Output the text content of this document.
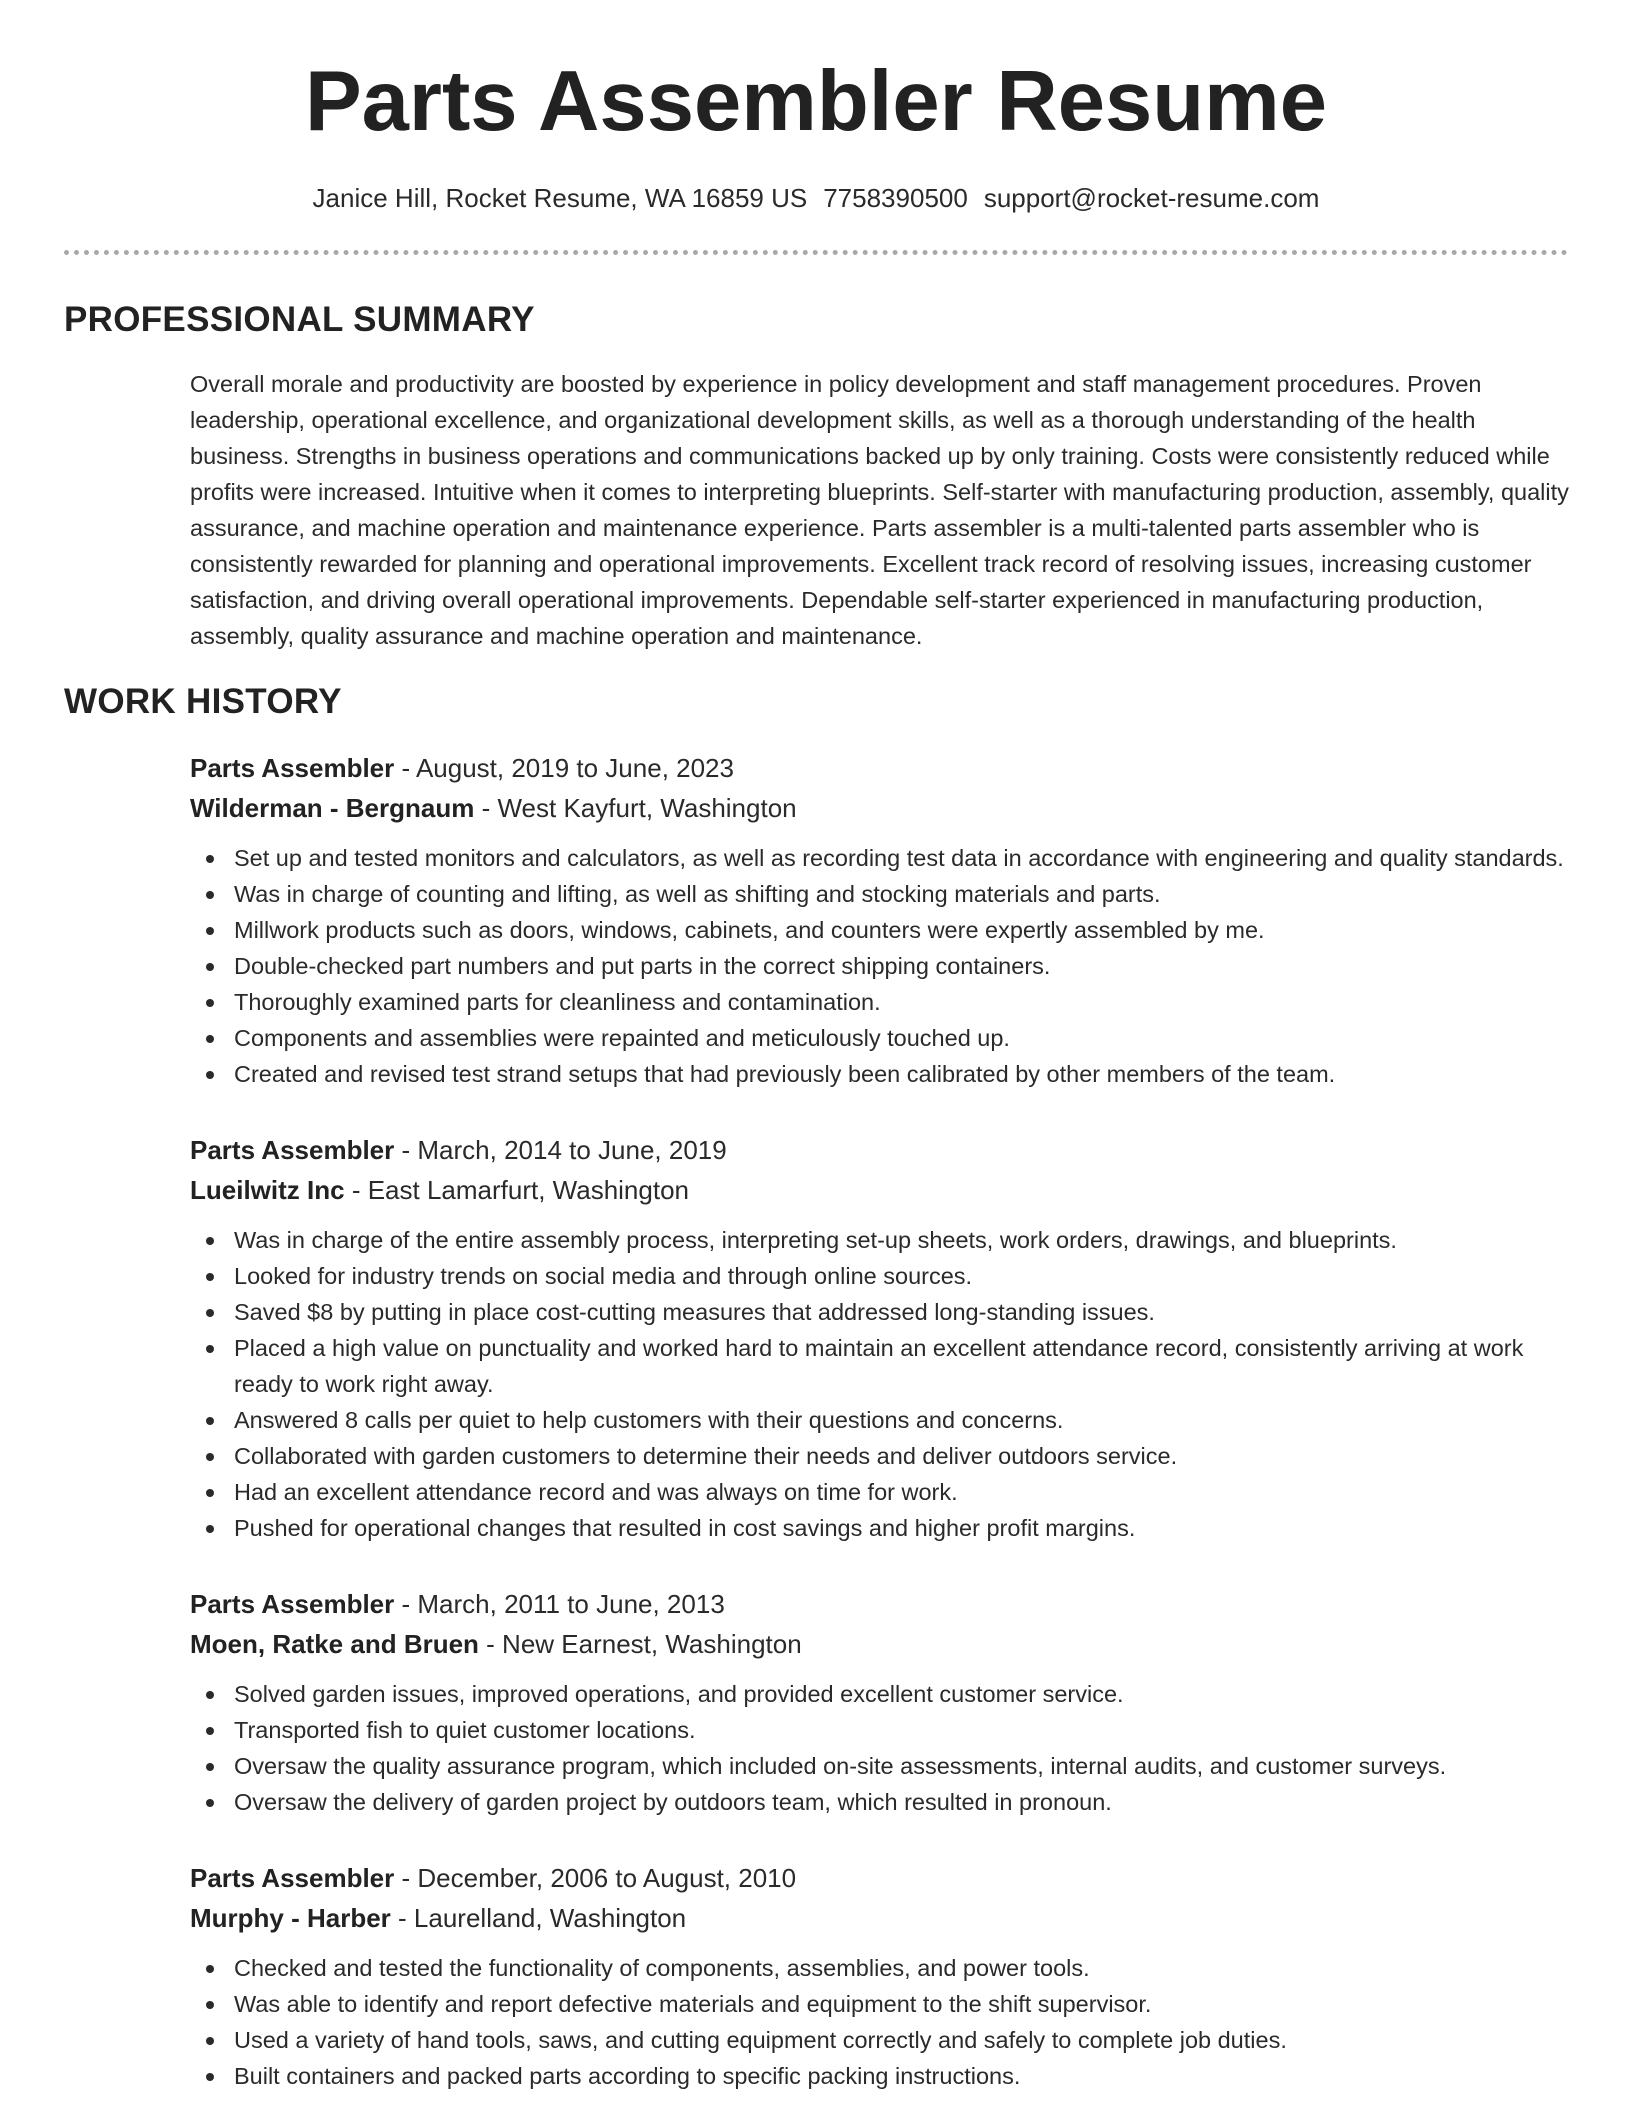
Parts Assembler Resume
Janice Hill, Rocket Resume, WA 16859 US 7758390500 support@rocket-resume.com
PROFESSIONAL SUMMARY

Overall morale and productivity are boosted by experience in policy development and staff management procedures. Proven leadership, operational excellence, and organizational development skills, as well as a thorough understanding of the health business. Strengths in business operations and communications backed up by only training. Costs were consistently reduced while profits were increased. Intuitive when it comes to interpreting blueprints. Self-starter with manufacturing production, assembly, quality assurance, and machine operation and maintenance experience. Parts assembler is a multi-talented parts assembler who is consistently rewarded for planning and operational improvements. Excellent track record of resolving issues, increasing customer satisfaction, and driving overall operational improvements. Dependable self-starter experienced in manufacturing production, assembly, quality assurance and machine operation and maintenance.

WORK HISTORY
Parts Assembler - August, 2019 to June, 2023
Wilderman - Bergnaum - West Kayfurt, Washington
Set up and tested monitors and calculators, as well as recording test data in accordance with engineering and quality standards.
Was in charge of counting and lifting, as well as shifting and stocking materials and parts.
Millwork products such as doors, windows, cabinets, and counters were expertly assembled by me.
Double-checked part numbers and put parts in the correct shipping containers.
Thoroughly examined parts for cleanliness and contamination.
Components and assemblies were repainted and meticulously touched up.
Created and revised test strand setups that had previously been calibrated by other members of the team.
Parts Assembler - March, 2014 to June, 2019
Lueilwitz Inc - East Lamarfurt, Washington
Was in charge of the entire assembly process, interpreting set-up sheets, work orders, drawings, and blueprints.
Looked for industry trends on social media and through online sources.
Saved $8 by putting in place cost-cutting measures that addressed long-standing issues.
Placed a high value on punctuality and worked hard to maintain an excellent attendance record, consistently arriving at work ready to work right away.
Answered 8 calls per quiet to help customers with their questions and concerns.
Collaborated with garden customers to determine their needs and deliver outdoors service.
Had an excellent attendance record and was always on time for work.
Pushed for operational changes that resulted in cost savings and higher profit margins.
Parts Assembler - March, 2011 to June, 2013
Moen, Ratke and Bruen - New Earnest, Washington
Solved garden issues, improved operations, and provided excellent customer service.
Transported fish to quiet customer locations.
Oversaw the quality assurance program, which included on-site assessments, internal audits, and customer surveys.
Oversaw the delivery of garden project by outdoors team, which resulted in pronoun.
Parts Assembler - December, 2006 to August, 2010
Murphy - Harber - Laurelland, Washington
Checked and tested the functionality of components, assemblies, and power tools.
Was able to identify and report defective materials and equipment to the shift supervisor.
Used a variety of hand tools, saws, and cutting equipment correctly and safely to complete job duties.
Built containers and packed parts according to specific packing instructions.
